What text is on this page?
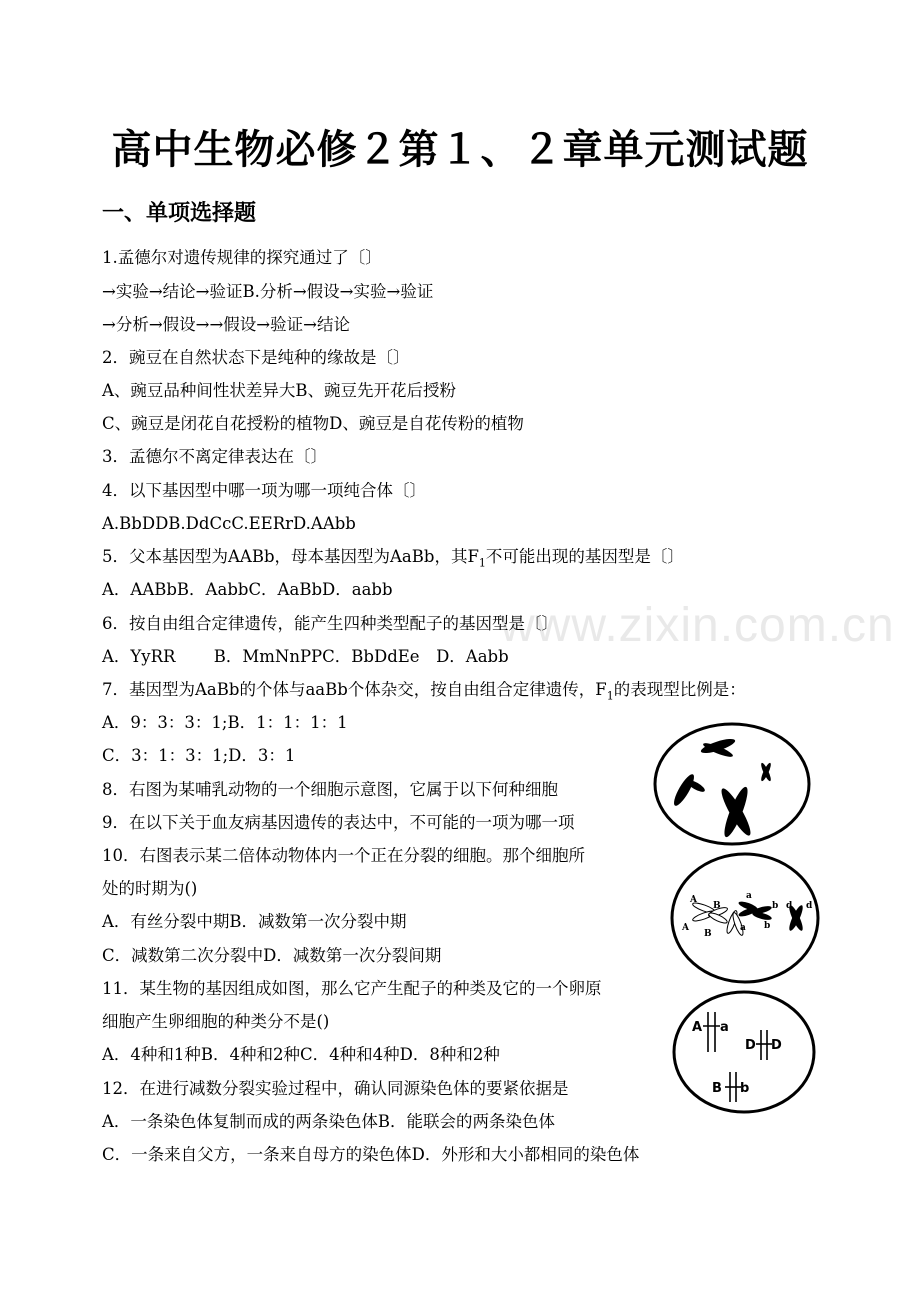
高中生物必修２第１、２章单元测试题
一、单项选择题
www.zixin.com.cn
1.孟德尔对遗传规律的探究通过了〔〕
→实验→结论→验证B.分析→假设→实验→验证
→分析→假设→→假设→验证→结论
2．豌豆在自然状态下是纯种的缘故是〔〕
A、豌豆品种间性状差异大B、豌豆先开花后授粉
C、豌豆是闭花自花授粉的植物D、豌豆是自花传粉的植物
3．孟德尔不离定律表达在〔〕
4．以下基因型中哪一项为哪一项纯合体〔〕
A.BbDDB.DdCcC.EERrD.AAbb
5．父本基因型为AABb，母本基因型为AaBb，其$F_1$不可能出现的基因型是〔〕
A．AABbB．AabbC．AaBbD．aabb
6．按自由组合定律遗传，能产生四种类型配子的基因型是〔〕
A．YyRR　　 B．MmNnPPC．BbDdEe　D．Aabb
7．基因型为AaBb的个体与aaBb个体杂交，按自由组合定律遗传，$F_1$的表现型比例是：
A．9：3：3：1;B．1：1：1：1
C．3：1：3：1;D．3：1
8．右图为某哺乳动物的一个细胞示意图，它属于以下何种细胞
9．在以下关于血友病基因遗传的表达中，不可能的一项为哪一项
10．右图表示某二倍体动物体内一个正在分裂的细胞。那个细胞所
处的时期为()
A．有丝分裂中期B．减数第一次分裂中期
C．减数第二次分裂中D．减数第一次分裂间期
11．某生物的基因组成如图，那么它产生配子的种类及它的一个卵原
细胞产生卵细胞的种类分不是()
A．4种和1种B．4种和2种C．4种和4种D．8种和2种
12．在进行减数分裂实验过程中，确认同源染色体的要紧依据是
A．一条染色体复制而成的两条染色体B．能联会的两条染色体
C．一条来自父方，一条来自母方的染色体D．外形和大小都相同的染色体
A
A
B
B
a
a
b
b
d d
A a
D D
B b
